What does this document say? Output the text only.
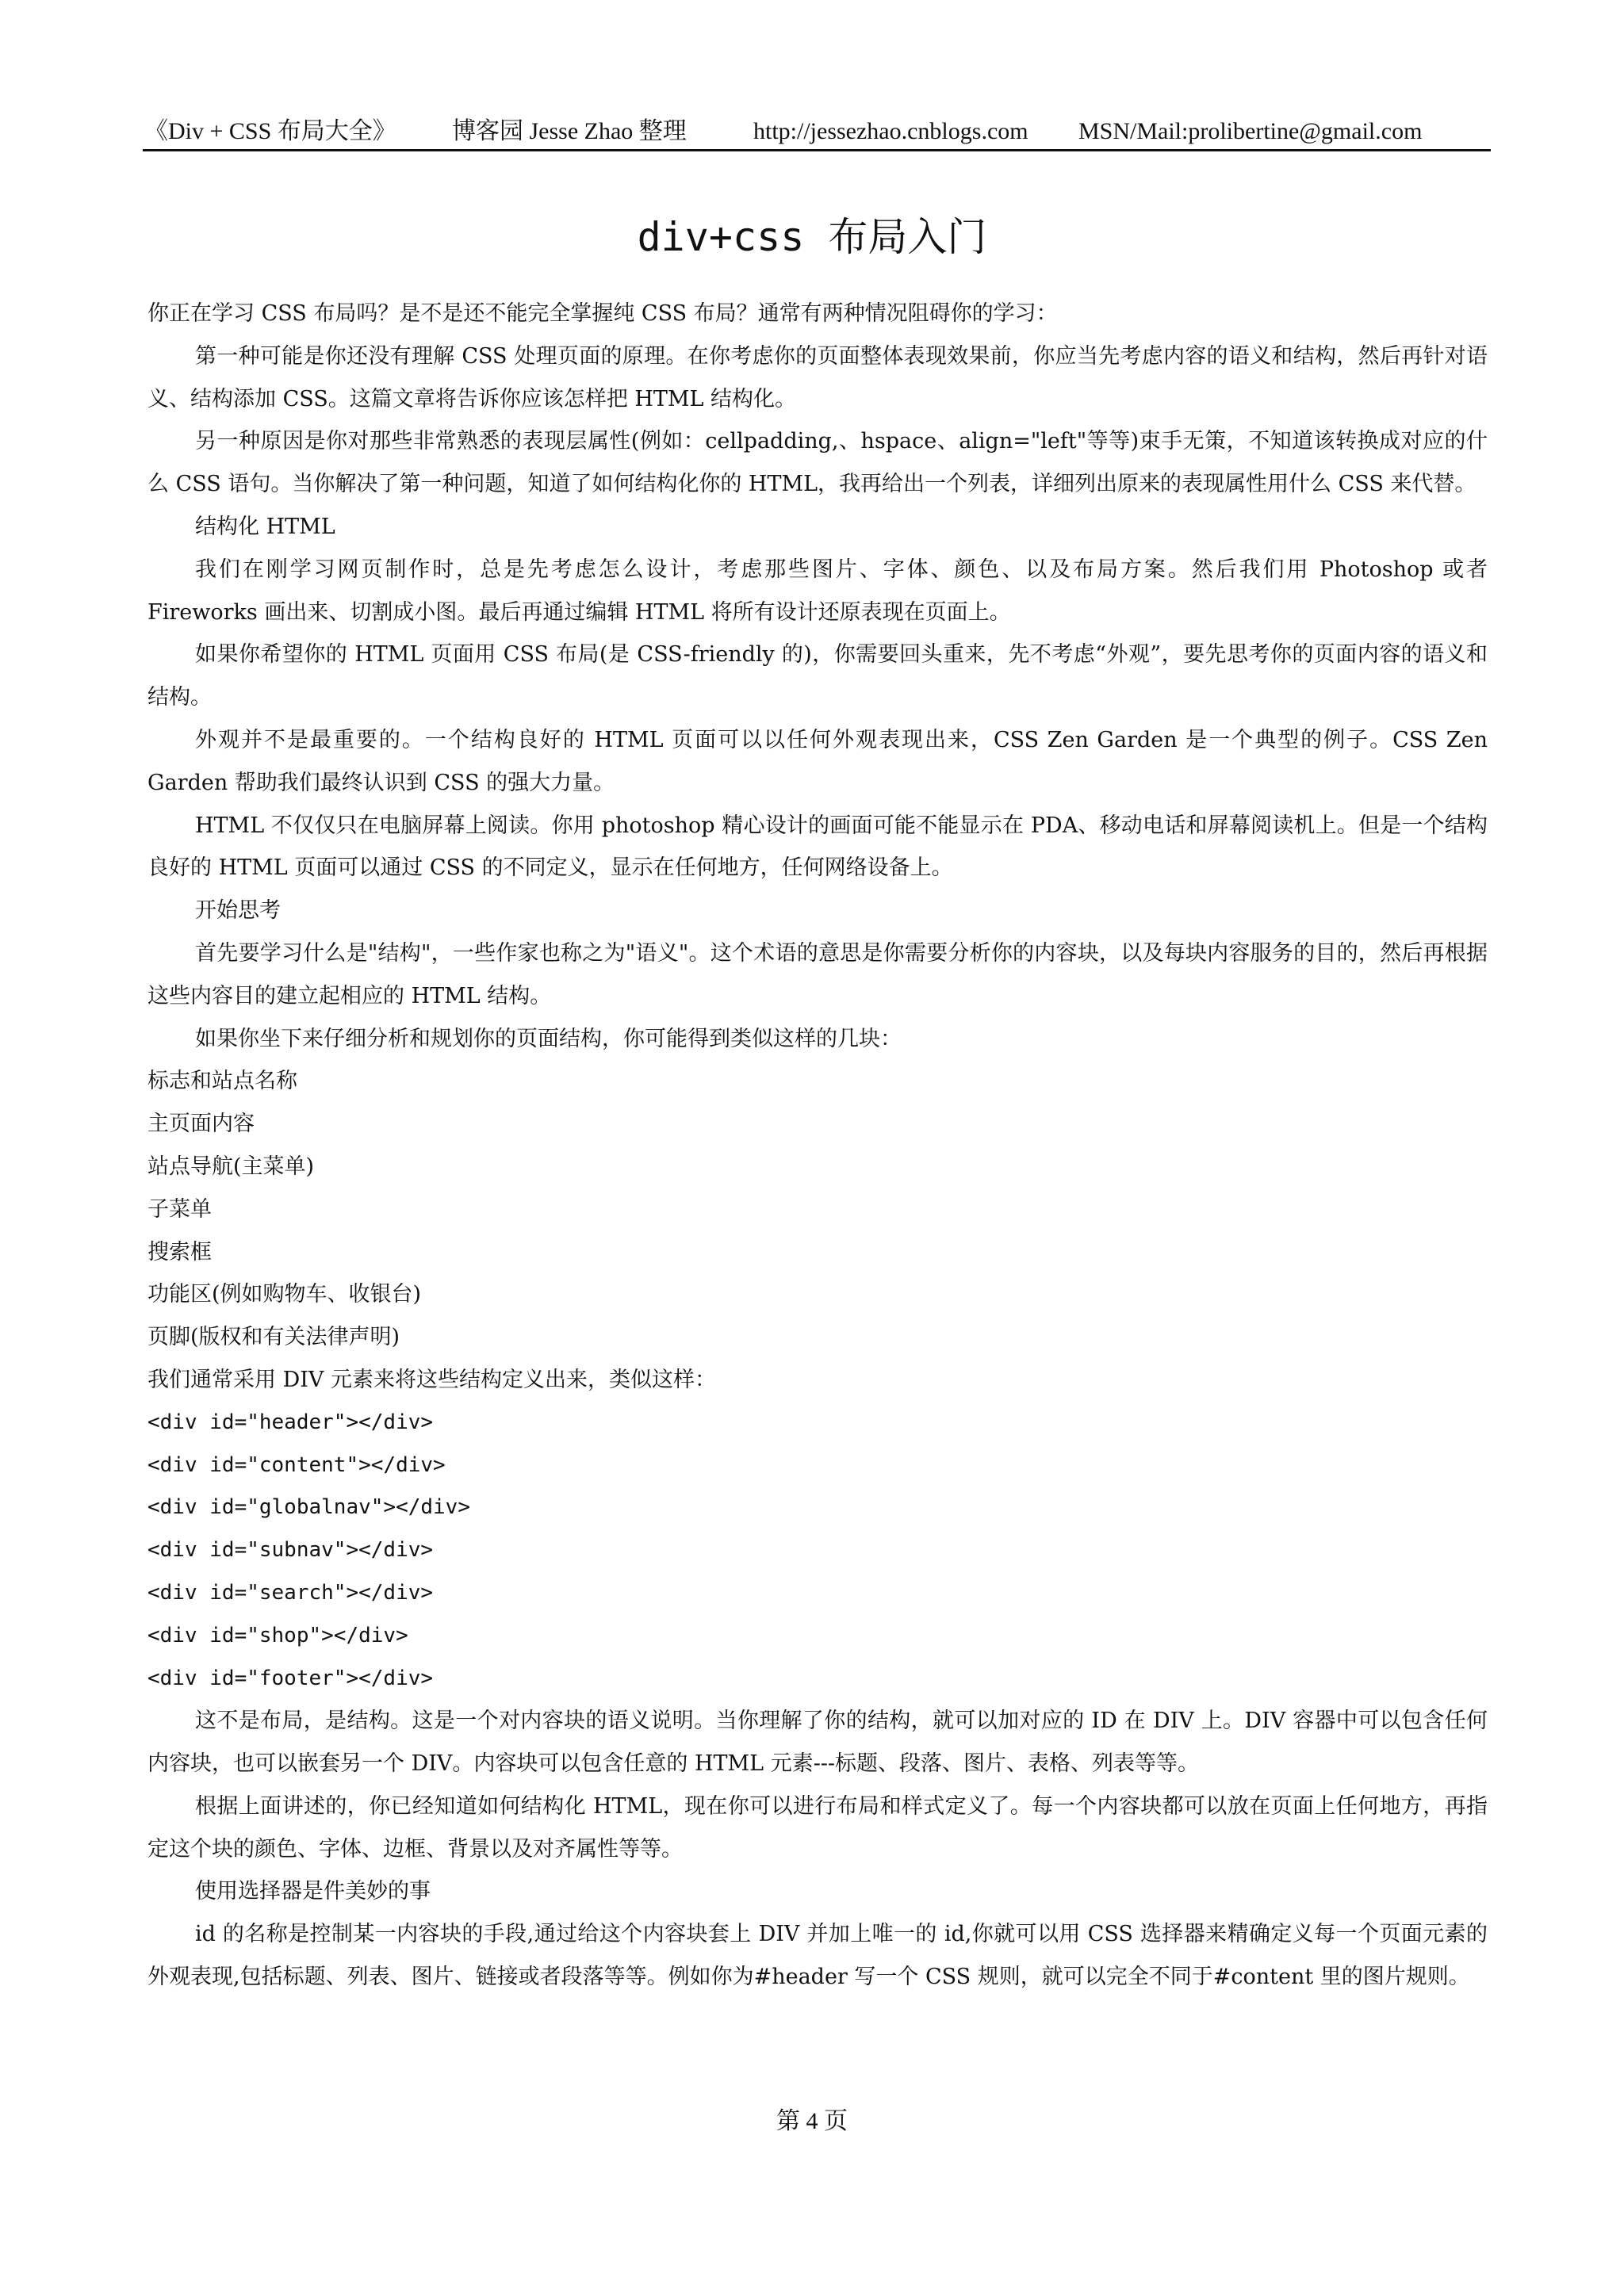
《Div + CSS 布局大全》 博客园 Jesse Zhao 整理	http://jessezhao.cnblogs.com MSN/Mail:prolibertine@gmail.com
div+css 布局入门

你正在学习 CSS 布局吗？是不是还不能完全掌握纯 CSS 布局？通常有两种情况阻碍你的学习：

第一种可能是你还没有理解 CSS 处理页面的原理。在你考虑你的页面整体表现效果前，你应当先考虑内容的语义和结构，然后再针对语义、结构添加 CSS。这篇文章将告诉你应该怎样把 HTML 结构化。

另一种原因是你对那些非常熟悉的表现层属性(例如：cellpadding,、hspace、align="left"等等)束手无策，不知道该转换成对应的什么 CSS 语句。当你解决了第一种问题，知道了如何结构化你的 HTML，我再给出一个列表，详细列出原来的表现属性用什么 CSS 来代替。

结构化 HTML

我们在刚学习网页制作时，总是先考虑怎么设计，考虑那些图片、字体、颜色、以及布局方案。然后我们用 Photoshop 或者 Fireworks 画出来、切割成小图。最后再通过编辑 HTML 将所有设计还原表现在页面上。

如果你希望你的 HTML 页面用 CSS 布局(是 CSS-friendly 的)，你需要回头重来，先不考虑“外观”，要先思考你的页面内容的语义和结构。

外观并不是最重要的。一个结构良好的 HTML 页面可以以任何外观表现出来，CSS Zen Garden 是一个典型的例子。CSS Zen Garden 帮助我们最终认识到 CSS 的强大力量。

HTML 不仅仅只在电脑屏幕上阅读。你用 photoshop 精心设计的画面可能不能显示在 PDA、移动电话和屏幕阅读机上。但是一个结构良好的 HTML 页面可以通过 CSS 的不同定义，显示在任何地方，任何网络设备上。

开始思考

首先要学习什么是"结构"，一些作家也称之为"语义"。这个术语的意思是你需要分析你的内容块，以及每块内容服务的目的，然后再根据这些内容目的建立起相应的 HTML 结构。

如果你坐下来仔细分析和规划你的页面结构，你可能得到类似这样的几块：

标志和站点名称

主页面内容

站点导航(主菜单)

子菜单

搜索框

功能区(例如购物车、收银台)

页脚(版权和有关法律声明)

我们通常采用 DIV 元素来将这些结构定义出来，类似这样：

<div id="header"></div>

<div id="content"></div>

<div id="globalnav"></div>

<div id="subnav"></div>

<div id="search"></div>

<div id="shop"></div>

<div id="footer"></div>

这不是布局，是结构。这是一个对内容块的语义说明。当你理解了你的结构，就可以加对应的 ID 在 DIV 上。DIV 容器中可以包含任何内容块，也可以嵌套另一个 DIV。内容块可以包含任意的 HTML 元素---标题、段落、图片、表格、列表等等。

根据上面讲述的，你已经知道如何结构化 HTML，现在你可以进行布局和样式定义了。每一个内容块都可以放在页面上任何地方，再指定这个块的颜色、字体、边框、背景以及对齐属性等等。

使用选择器是件美妙的事

id 的名称是控制某一内容块的手段,通过给这个内容块套上 DIV 并加上唯一的 id,你就可以用 CSS 选择器来精确定义每一个页面元素的外观表现,包括标题、列表、图片、链接或者段落等等。例如你为#header 写一个 CSS 规则，就可以完全不同于#content 里的图片规则。

第 4 页
